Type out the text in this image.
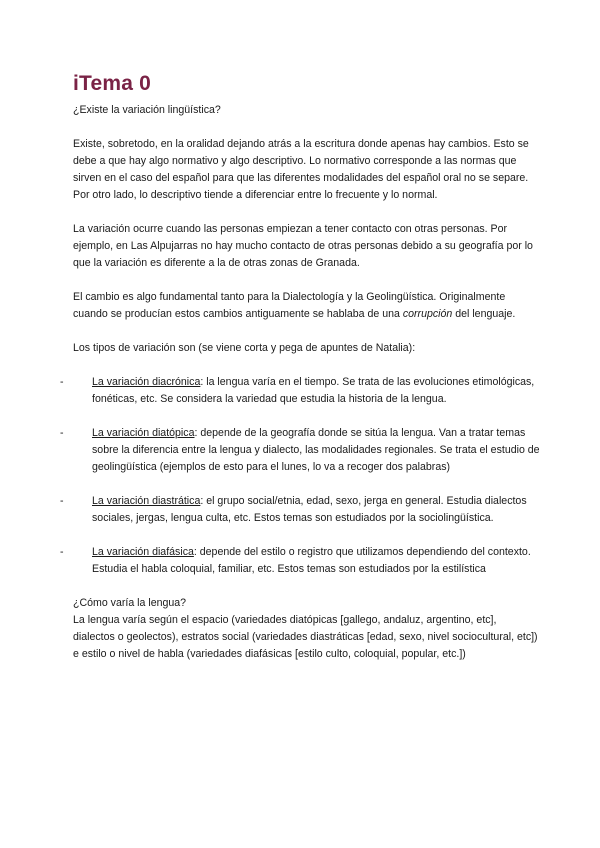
iTema 0

¿Existe la variación lingüística?

Existe, sobretodo, en la oralidad dejando atrás a la escritura donde apenas hay cambios. Esto se debe a que hay algo normativo y algo descriptivo. Lo normativo corresponde a las normas que sirven en el caso del español para que las diferentes modalidades del español oral no se separe. Por otro lado, lo descriptivo tiende a diferenciar entre lo frecuente y lo normal.

La variación ocurre cuando las personas empiezan a tener contacto con otras personas. Por ejemplo, en Las Alpujarras no hay mucho contacto de otras personas debido a su geografía por lo que la variación es diferente a la de otras zonas de Granada.

El cambio es algo fundamental tanto para la Dialectología y la Geolingüística. Originalmente cuando se producían estos cambios antiguamente se hablaba de una corrupción del lenguaje.

Los tipos de variación son (se viene corta y pega de apuntes de Natalia):

-	La variación diacrónica: la lengua varía en el tiempo. Se trata de las evoluciones etimológicas, fonéticas, etc. Se considera la variedad que estudia la historia de la lengua.
-	La variación diatópica: depende de la geografía donde se sitúa la lengua. Van a tratar temas sobre la diferencia entre la lengua y dialecto, las modalidades regionales. Se trata el estudio de geolingüística (ejemplos de esto para el lunes, lo va a recoger dos palabras)
-	La variación diastrática: el grupo social/etnia, edad, sexo, jerga en general. Estudia dialectos sociales, jergas, lengua culta, etc. Estos temas son estudiados por la sociolingüística.
-	La variación diafásica: depende del estilo o registro que utilizamos dependiendo del contexto. Estudia el habla coloquial, familiar, etc. Estos temas son estudiados por la estilística

¿Cómo varía la lengua?

La lengua varía según el espacio (variedades diatópicas [gallego, andaluz, argentino, etc], dialectos o geolectos), estratos social (variedades diastráticas [edad, sexo, nivel sociocultural, etc]) e estilo o nivel de habla (variedades diafásicas [estilo culto, coloquial, popular, etc.])
